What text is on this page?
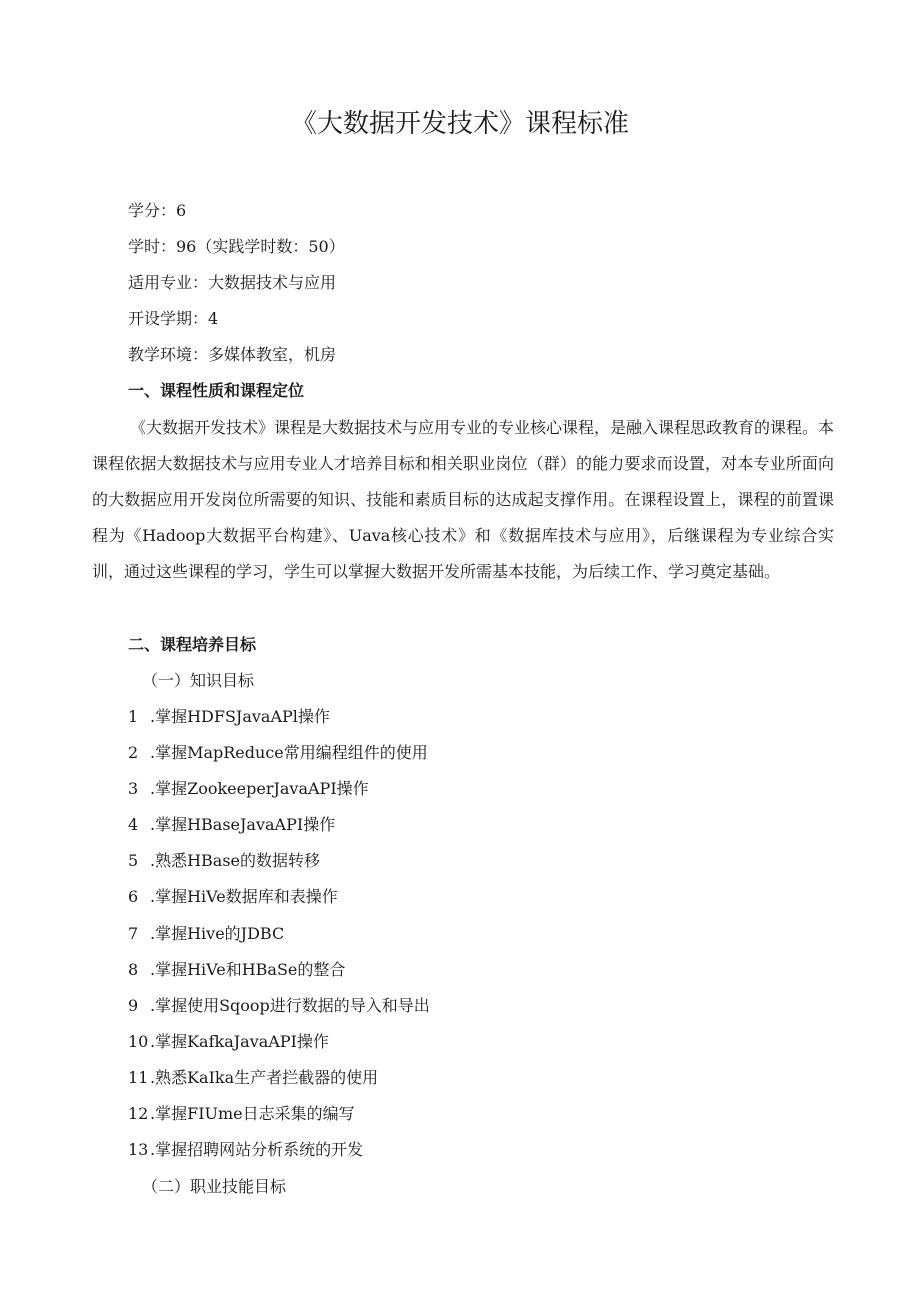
《大数据开发技术》课程标准

学分：6

学时：96（实践学时数：50）

适用专业：大数据技术与应用

开设学期：4

教学环境：多媒体教室，机房

一、课程性质和课程定位

《大数据开发技术》课程是大数据技术与应用专业的专业核心课程，是融入课程思政教育的课程。本课程依据大数据技术与应用专业人才培养目标和相关职业岗位（群）的能力要求而设置，对本专业所面向的大数据应用开发岗位所需要的知识、技能和素质目标的达成起支撑作用。在课程设置上，课程的前置课程为《Hadoop大数据平台构建》、Uava核心技术》和《数据库技术与应用》，后继课程为专业综合实训，通过这些课程的学习，学生可以掌握大数据开发所需基本技能，为后续工作、学习奠定基础。

二、课程培养目标

（一）知识目标

1 .掌握HDFSJavaAPl操作

2 .掌握MapReduce常用编程组件的使用

3 .掌握ZookeeperJavaAPI操作

4 .掌握HBaseJavaAPI操作

5 .熟悉HBase的数据转移

6 .掌握HiVe数据库和表操作

7 .掌握Hive的JDBC

8 .掌握HiVe和HBaSe的整合

9 .掌握使用Sqoop进行数据的导入和导出

10 .掌握KafkaJavaAPI操作

11 .熟悉KaIka生产者拦截器的使用

12 .掌握FIUme日志采集的编写

13 .掌握招聘网站分析系统的开发

（二）职业技能目标
